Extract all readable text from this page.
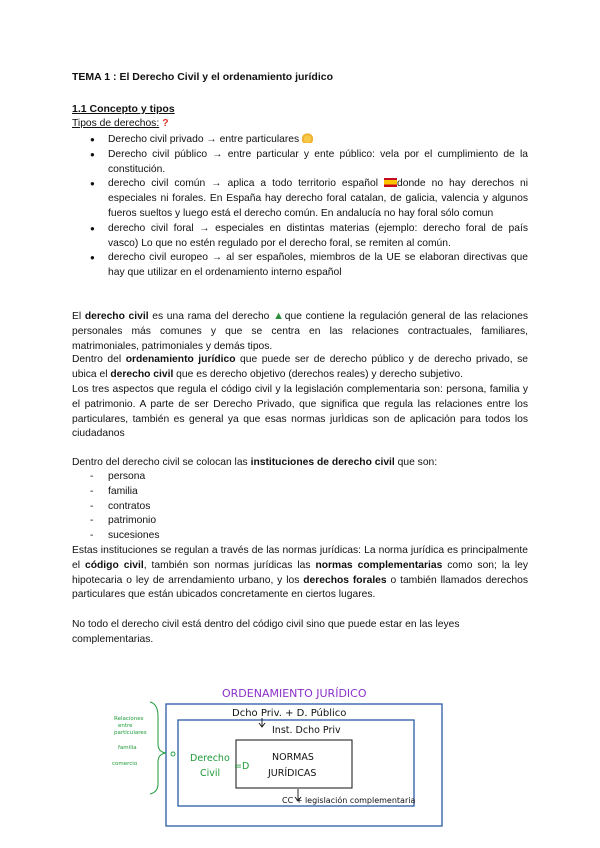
TEMA 1 : El Derecho Civil y el ordenamiento jurídico
1.1 Concepto y tipos
Tipos de derechos: ?
● Derecho civil privado → entre particulares
● Derecho civil público → entre particular y ente público: vela por el cumplimiento de la constitución.
● derecho civil común → aplica a todo territorio español donde no hay derechos ni especiales ni forales. En España hay derecho foral catalan, de galicia, valencia y algunos fueros sueltos y luego está el derecho común. En andalucía no hay foral sólo comun
● derecho civil foral → especiales en distintas materias (ejemplo: derecho foral de país vasco) Lo que no estén regulado por el derecho foral, se remiten al común.
● derecho civil europeo → al ser españoles, miembros de la UE se elaboran directivas que hay que utilizar en el ordenamiento interno español
El derecho civil es una rama del derecho ▲que contiene la regulación general de las relaciones personales más comunes y que se centra en las relaciones contractuales, familiares, matrimoniales, patrimoniales y demás tipos.
Dentro del ordenamiento jurídico que puede ser de derecho público y de derecho privado, se ubica el derecho civil que es derecho objetivo (derechos reales) y derecho subjetivo.
Los tres aspectos que regula el código civil y la legislación complementaria son: persona, familia y el patrimonio. A parte de ser Derecho Privado, que significa que regula las relaciones entre los particulares, también es general ya que esas normas jurÌdicas son de aplicación para todos los ciudadanos
Dentro del derecho civil se colocan las instituciones de derecho civil que son:
- persona
- familia
- contratos
- patrimonio
- sucesiones
Estas instituciones se regulan a través de las normas jurídicas: La norma jurídica es principalmente el código civil, también son normas jurídicas las normas complementarias como son; la ley hipotecaria o ley de arrendamiento urbano, y los derechos forales o también llamados derechos particulares que están ubicados concretamente en ciertos lugares.
No todo el derecho civil está dentro del código civil sino que puede estar en las leyes complementarias.
ORDENAMIENTO JURÍDICO
Dcho Priv. + D. Público
Inst. Dcho Priv
NORMAS
JURÍDICAS
Derecho
Civil
=D
CC + legislación complementaria
Relaciones
entre
particulares
familia
comercio
